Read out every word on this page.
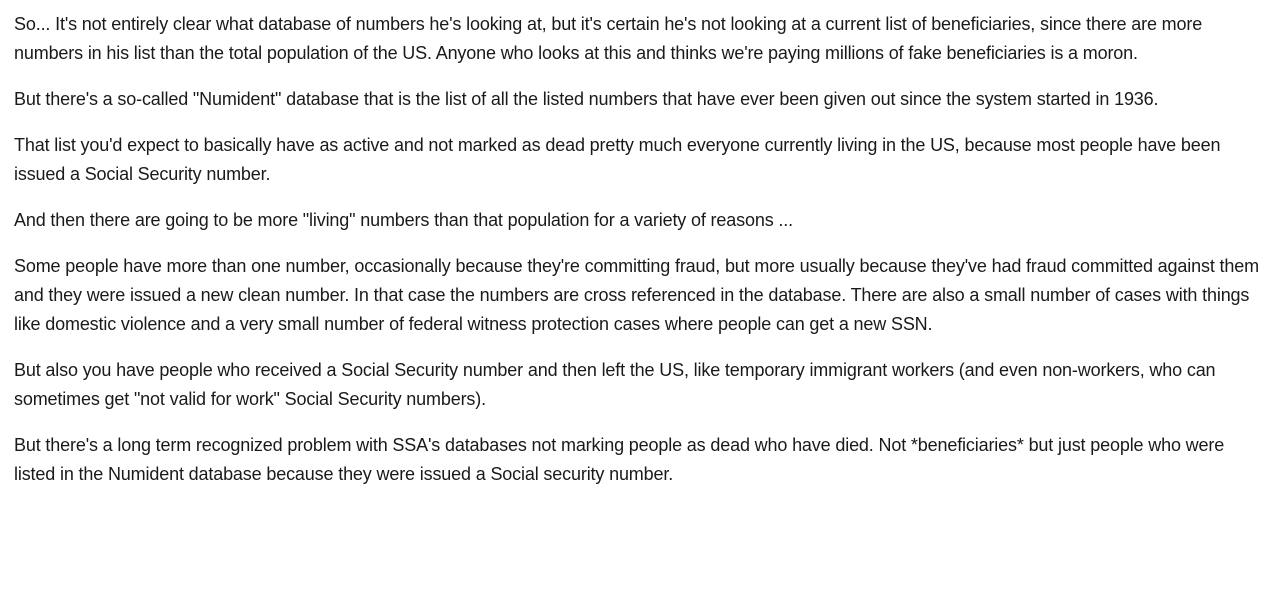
So... It's not entirely clear what database of numbers he's looking at, but it's certain he's not looking at a current list of beneficiaries, since there are more numbers in his list than the total population of the US. Anyone who looks at this and thinks we're paying millions of fake beneficiaries is a moron.

But there's a so-called "Numident" database that is the list of all the listed numbers that have ever been given out since the system started in 1936.

That list you'd expect to basically have as active and not marked as dead pretty much everyone currently living in the US, because most people have been issued a Social Security number.

And then there are going to be more "living" numbers than that population for a variety of reasons ...

Some people have more than one number, occasionally because they're committing fraud, but more usually because they've had fraud committed against them and they were issued a new clean number. In that case the numbers are cross referenced in the database. There are also a small number of cases with things like domestic violence and a very small number of federal witness protection cases where people can get a new SSN.

But also you have people who received a Social Security number and then left the US, like temporary immigrant workers (and even non-workers, who can sometimes get "not valid for work" Social Security numbers).

But there's a long term recognized problem with SSA's databases not marking people as dead who have died. Not *beneficiaries* but just people who were listed in the Numident database because they were issued a Social security number.
